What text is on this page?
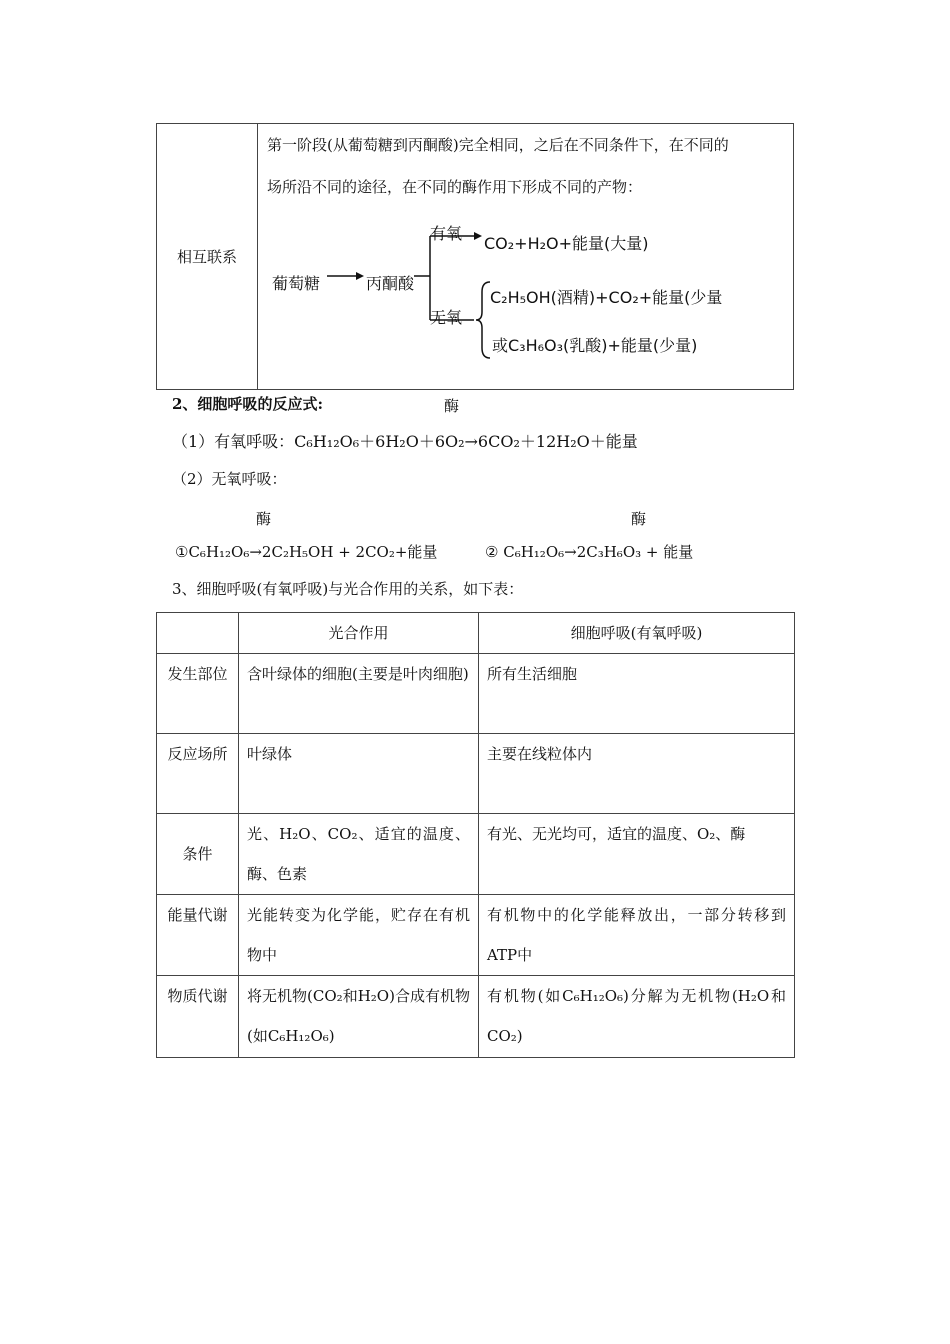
相互联系	
第一阶段(从葡萄糖到丙酮酸)完全相同，之后在不同条件下，在不同的
场所沿不同的途径，在不同的酶作用下形成不同的产物：
葡萄糖	丙酮酸
有氧
CO₂+H₂O+能量(大量)
无氧
C₂H₅OH(酒精)+CO₂+能量(少量
或C₃H₆O₃(乳酸)+能量(少量)
2、细胞呼吸的反应式:	酶
（1）有氧呼吸：C₆H₁₂O₆＋6H₂O＋6O₂→6CO₂＋12H₂O＋能量
（2）无氧呼吸：
酶	酶
①C₆H₁₂O₆→2C₂H₅OH + 2CO₂+能量	② C₆H₁₂O₆→2C₃H₆O₃ + 能量
3、细胞呼吸(有氧呼吸)与光合作用的关系，如下表：
	光合作用	细胞呼吸(有氧呼吸)
发生部位	含叶绿体的细胞(主要是叶肉细胞)	所有生活细胞
反应场所	叶绿体	主要在线粒体内
条件	光、H₂O、CO₂、适宜的温度、酶、色素	有光、无光均可，适宜的温度、O₂、酶
能量代谢	光能转变为化学能，贮存在有机物中	有机物中的化学能释放出，一部分转移到ATP中
物质代谢	将无机物(CO₂和H₂O)合成有机物(如C₆H₁₂O₆)	有机物(如C₆H₁₂O₆)分解为无机物(H₂O和CO₂)
